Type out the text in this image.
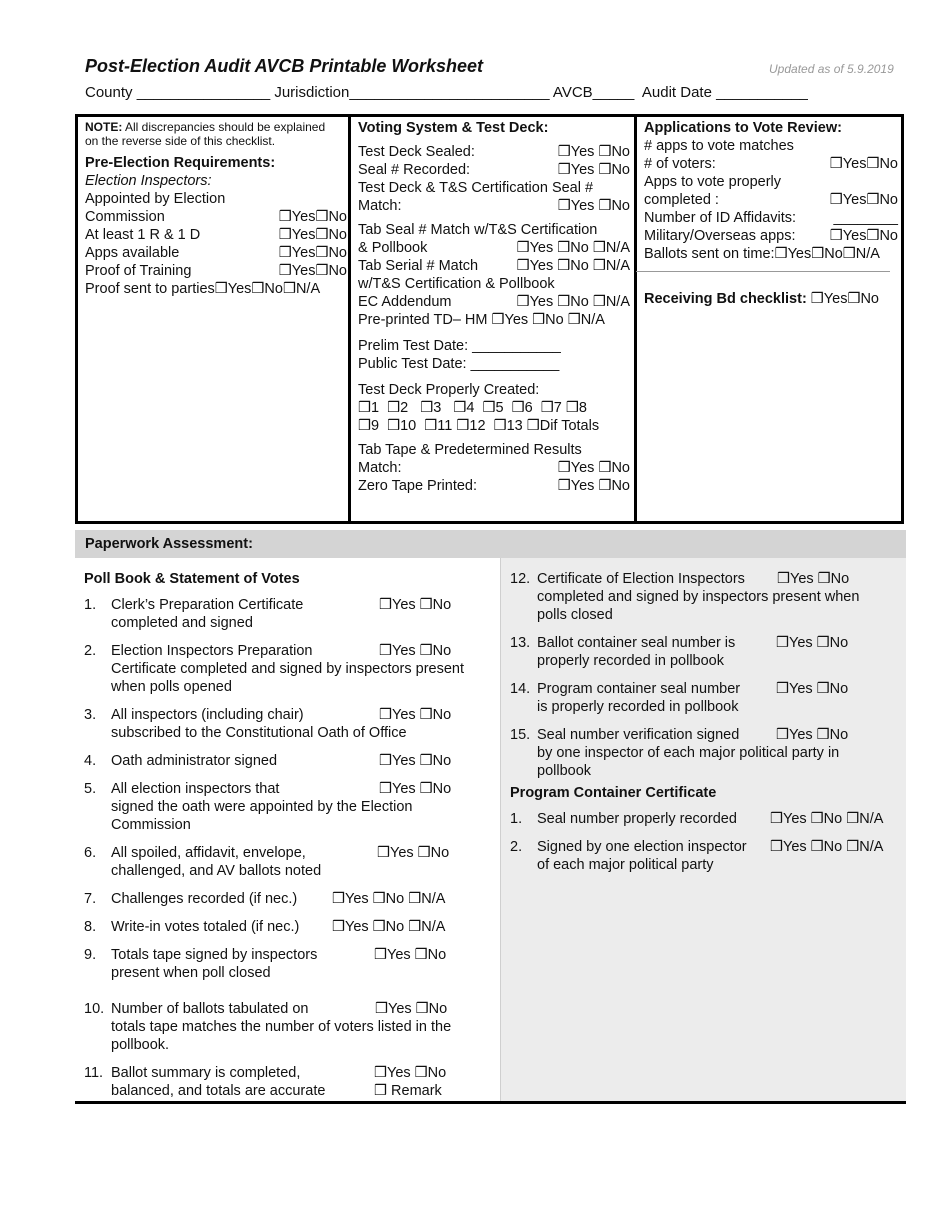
Post-Election Audit AVCB Printable Worksheet	Updated as of 5.9.2019
County ________________ Jurisdiction________________________ AVCB_____  Audit Date ___________
NOTE: All discrepancies should be explained
on the reverse side of this checklist.
Pre-Election Requirements:
Election Inspectors:
Appointed by Election
Commission	❒Yes❒No
At least 1 R & 1 D	❒Yes❒No
Apps available	❒Yes❒No
Proof of Training	❒Yes❒No
Proof sent to parties❒Yes❒No❒N/A
Voting System & Test Deck:
Test Deck Sealed:	❒Yes ❒No
Seal # Recorded:	❒Yes ❒No
Test Deck & T&S Certification Seal #
Match:	❒Yes ❒No
Tab Seal # Match w/T&S Certification
& Pollbook	❒Yes ❒No ❒N/A
Tab Serial # Match	❒Yes ❒No ❒N/A
w/T&S Certification & Pollbook
EC Addendum	❒Yes ❒No ❒N/A
Pre-printed TD– HM ❒Yes ❒No ❒N/A
Prelim Test Date: ___________
Public Test Date: ___________
Test Deck Properly Created:
❒1  ❒2   ❒3   ❒4  ❒5  ❒6  ❒7 ❒8
❒9  ❒10  ❒11 ❒12  ❒13 ❒Dif Totals
Tab Tape & Predetermined Results
Match:	❒Yes ❒No
Zero Tape Printed:	❒Yes ❒No
Applications to Vote Review:
# apps to vote matches
# of voters:	❒Yes❒No
Apps to vote properly
completed :	❒Yes❒No
Number of ID Affidavits:	________
Military/Overseas apps: ❒Yes❒No
Ballots sent on time:❒Yes❒No❒N/A
Receiving Bd checklist: ❒Yes❒No
Paperwork Assessment:
Poll Book & Statement of Votes
1. Clerk’s Preparation Certificate
completed and signed
❒Yes ❒No
2. Election Inspectors Preparation
Certificate completed and signed by inspectors present
when polls opened
❒Yes ❒No
3. All inspectors (including chair)
subscribed to the Constitutional Oath of Office
❒Yes ❒No
4. Oath administrator signed	❒Yes ❒No
5. All election inspectors that
signed the oath were appointed by the Election
Commission
❒Yes ❒No
6. All spoiled, affidavit, envelope,
challenged, and AV ballots noted
❒Yes ❒No
7. Challenges recorded (if nec.)	❒Yes ❒No ❒N/A
8. Write-in votes totaled (if nec.)	❒Yes ❒No ❒N/A
9. Totals tape signed by inspectors
present when poll closed
❒Yes ❒No
10. Number of ballots tabulated on
totals tape matches the number of voters listed in the
pollbook.
❒Yes ❒No
11. Ballot summary is completed,
balanced, and totals are accurate
❒Yes ❒No
❒ Remark
12. Certificate of Election Inspectors
completed and signed by inspectors present when
polls closed
❒Yes ❒No
13. Ballot container seal number is
properly recorded in pollbook
❒Yes ❒No
14. Program container seal number
is properly recorded in pollbook
❒Yes ❒No
15. Seal number verification signed
by one inspector of each major political party in
pollbook
❒Yes ❒No
Program Container Certificate
1. Seal number properly recorded	❒Yes ❒No ❒N/A
2. Signed by one election inspector
of each major political party
❒Yes ❒No ❒N/A
